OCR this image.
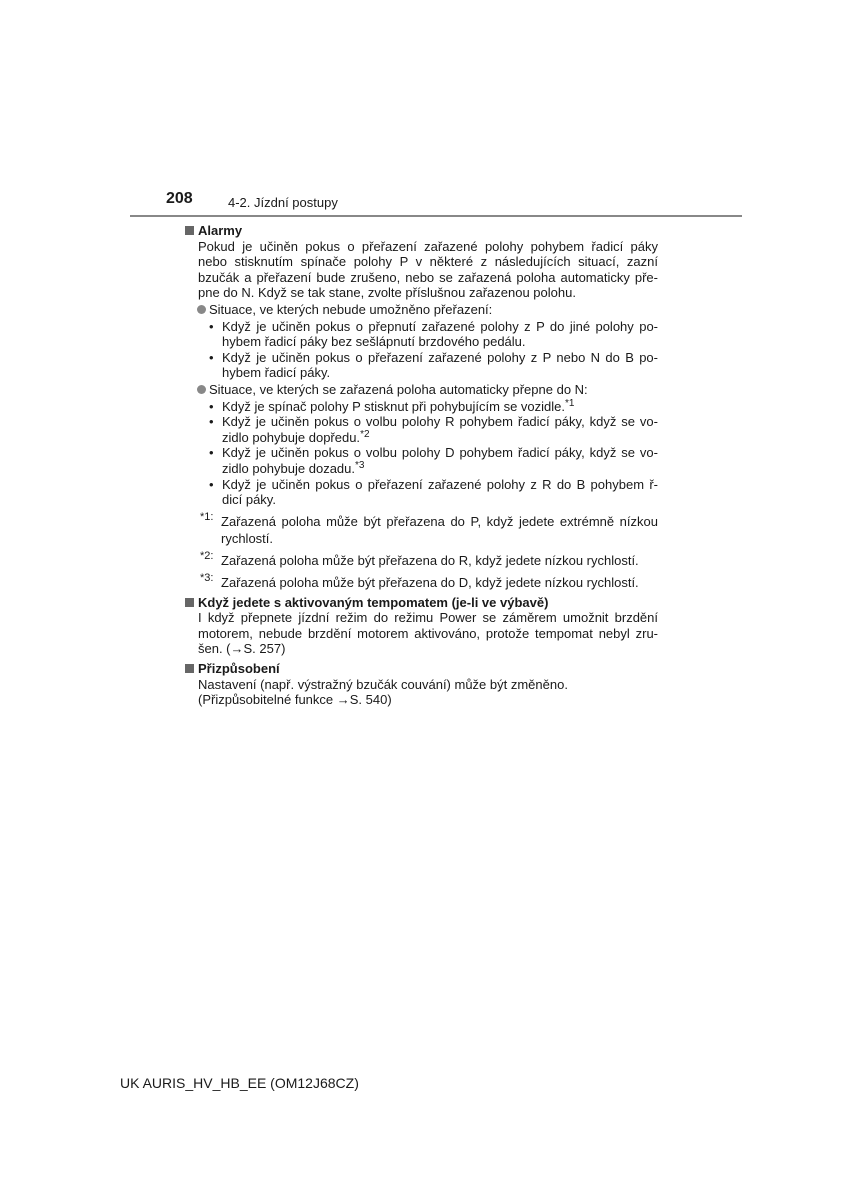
208	4-2. Jízdní postupy
Alarmy
Pokud je učiněn pokus o přeřazení zařazené polohy pohybem řadicí páky
nebo stisknutím spínače polohy P v některé z následujících situací, zazní
bzučák a přeřazení bude zrušeno, nebo se zařazená poloha automaticky pře-
pne do N. Když se tak stane, zvolte příslušnou zařazenou polohu.
Situace, ve kterých nebude umožněno přeřazení:
• Když je učiněn pokus o přepnutí zařazené polohy z P do jiné polohy po-
hybem řadicí páky bez sešlápnutí brzdového pedálu.
• Když je učiněn pokus o přeřazení zařazené polohy z P nebo N do B po-
hybem řadicí páky.
Situace, ve kterých se zařazená poloha automaticky přepne do N:
• Když je spínač polohy P stisknut při pohybujícím se vozidle.$^{*1}$
• Když je učiněn pokus o volbu polohy R pohybem řadicí páky, když se vo-
zidlo pohybuje dopředu.$^{*2}$
• Když je učiněn pokus o volbu polohy D pohybem řadicí páky, když se vo-
zidlo pohybuje dozadu.$^{*3}$
• Když je učiněn pokus o přeřazení zařazené polohy z R do B pohybem ř-
dicí páky.
*1: Zařazená poloha může být přeřazena do P, když jedete extrémně nízkou
rychlostí.
*2: Zařazená poloha může být přeřazena do R, když jedete nízkou rychlostí.
*3: Zařazená poloha může být přeřazena do D, když jedete nízkou rychlostí.
Když jedete s aktivovaným tempomatem (je-li ve výbavě)
I když přepnete jízdní režim do režimu Power se záměrem umožnit brzdění
motorem, nebude brzdění motorem aktivováno, protože tempomat nebyl zru-
šen. (→S. 257)
Přizpůsobení
Nastavení (např. výstražný bzučák couvání) může být změněno.
(Přizpůsobitelné funkce →S. 540)
UK AURIS_HV_HB_EE (OM12J68CZ)
